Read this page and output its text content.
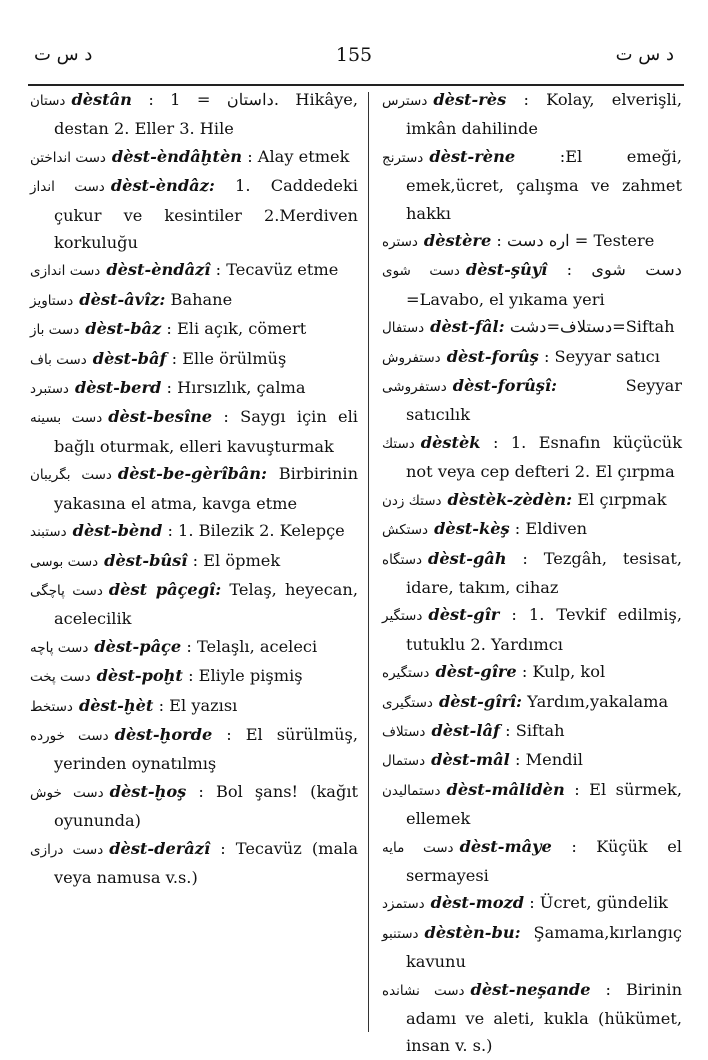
د س ت	155	د س ت

دستان dèstân : داستان = 1. Hikâye, destan 2. Eller 3. Hile

دست انداختن dèst-èndâḫtèn : Alay etmek

دست انداز dèst-èndâz: 1. Caddedeki çukur ve kesintiler 2.Merdiven korkuluğu

دست اندازى dèst-èndâzî : Tecavüz etme

دستاويز dèst-âvîz: Bahane

دست باز dèst-bâz : Eli açık, cömert

دست باف dèst-bâf : Elle örülmüş

دستبرد dèst-berd : Hırsızlık, çalma

دست بسينه dèst-besîne : Saygı için eli bağlı oturmak, elleri kavuşturmak

دست بگريبان dèst-be-gèrîbân: Birbirinin yakasına el atma, kavga etme

دستبند dèst-bènd : 1. Bilezik 2. Kelepçe

دست بوسى dèst-bûsî : El öpmek

دست پاچگى dèst pâçegî: Telaş, heyecan, acelecilik

دست پاچه dèst-pâçe : Telaşlı, aceleci

دست پخت dèst-poḫt : Eliyle pişmiş

دستخط dèst-ḫèt : El yazısı

دست خورده dèst-ḫorde : El sürülmüş, yerinden oynatılmış

دست خوش dèst-ḫoş : Bol şans! (kağıt oyununda)

دست درازى dèst-derâzî : Tecavüz (mala veya namusa v.s.)

دسترس dèst-rès : Kolay, elverişli, imkân dahilinde

دسترنج dèst-rène	:El emeği, emek,ücret, çalışma ve zahmet hakkı

دستره dèstère : اره دست = Testere

دست شوى dèst-şûyî : دست شوى =Lavabo, el yıkama yeri

دستفال dèst-fâl: دستلاف=دشت=Siftah

دستفروش dèst-forûş : Seyyar satıcı

دستفروشى dèst-forûşî:	Seyyar satıcılık

دستك dèstèk : 1. Esnafın küçücük not veya cep defteri 2. El çırpma

دستك زدن dèstèk-zèdèn: El çırpmak

دستكش dèst-kèş : Eldiven

دستگاه dèst-gâh : Tezgâh, tesisat, idare, takım, cihaz

دستگير dèst-gîr : 1. Tevkif edilmiş, tutuklu 2. Yardımcı

دستگيره dèst-gîre : Kulp, kol

دستگيرى dèst-gîrî: Yardım,yakalama

دستلاف dèst-lâf : Siftah

دستمال dèst-mâl : Mendil

دستماليدن dèst-mâlidèn : El sürmek, ellemek

دست مايه dèst-mâye : Küçük el sermayesi

دستمزد dèst-mozd : Ücret, gündelik

دستنبو dèstèn-bu: Şamama,kırlangıç kavunu

دست نشانده dèst-neşande : Birinin adamı ve aleti, kukla (hükümet, insan v. s.)
